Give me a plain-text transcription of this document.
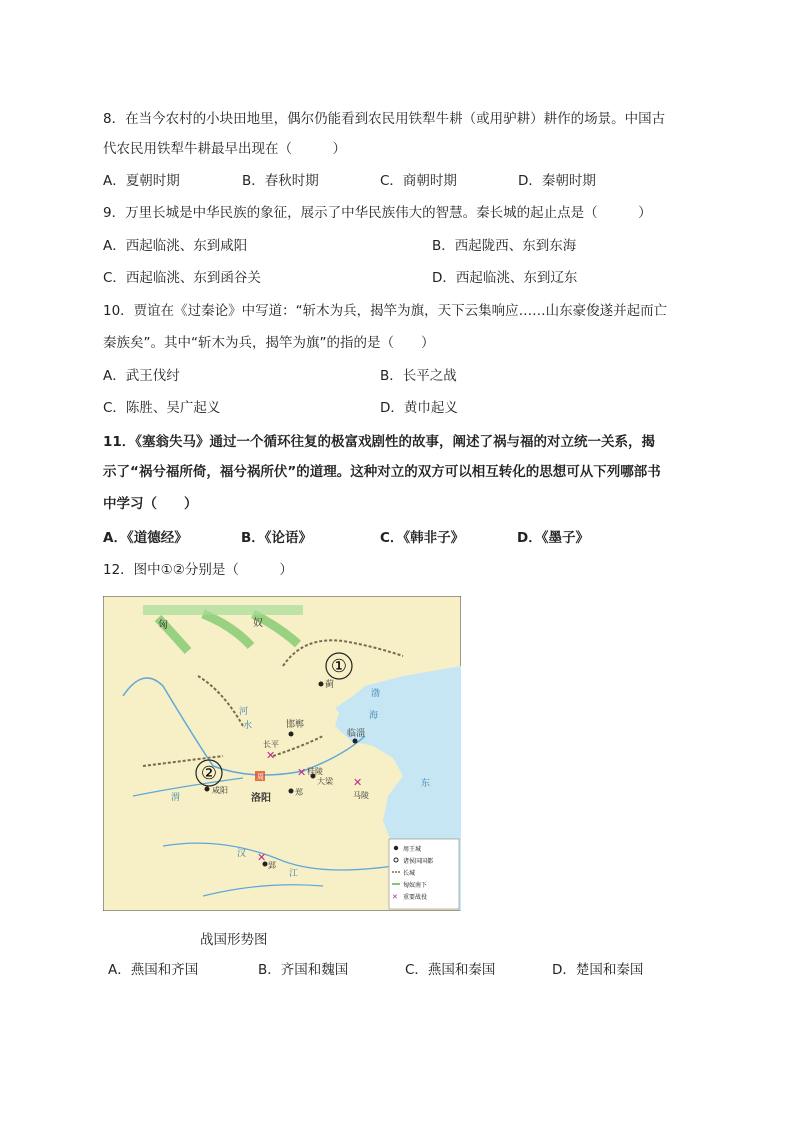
8．在当今农村的小块田地里，偶尔仍能看到农民用铁犁牛耕（或用驴耕）耕作的场景。中国古
代农民用铁犁牛耕最早出现在（　　　）
A．夏朝时期	B．春秋时期	C．商朝时期	D．秦朝时期
9．万里长城是中华民族的象征，展示了中华民族伟大的智慧。秦长城的起止点是（　　　）
A．西起临洮、东到咸阳	B．西起陇西、东到东海
C．西起临洮、东到函谷关	D．西起临洮、东到辽东
10．贾谊在《过秦论》中写道：“斩木为兵，揭竿为旗，天下云集响应……山东豪俊遂并起而亡
秦族矣”。其中“斩木为兵，揭竿为旗”的指的是（　　）
A．武王伐纣	B．长平之战
C．陈胜、吴广起义	D．黄巾起义
11．《塞翁失马》通过一个循环往复的极富戏剧性的故事，阐述了祸与福的对立统一关系，揭
示了“祸兮福所倚，福兮祸所伏”的道理。这种对立的双方可以相互转化的思想可从下列哪部书
中学习（　　）
A．《道德经》	B．《论语》	C．《韩非子》	D．《墨子》
12．图中①②分别是（　　　）
①
②
✕
✕
✕
✕
匈	奴
蓟
邯郸
临淄
长平
桂陵
大梁
郑	马陵
洛阳
咸阳
郢
周
渤
海
东
河
水
渭
汉
江
周王城
诸侯国国都
长城
匈奴南下
✕ 重要战役
战国形势图
A．燕国和齐国	B．齐国和魏国	C．燕国和秦国	D．楚国和秦国
